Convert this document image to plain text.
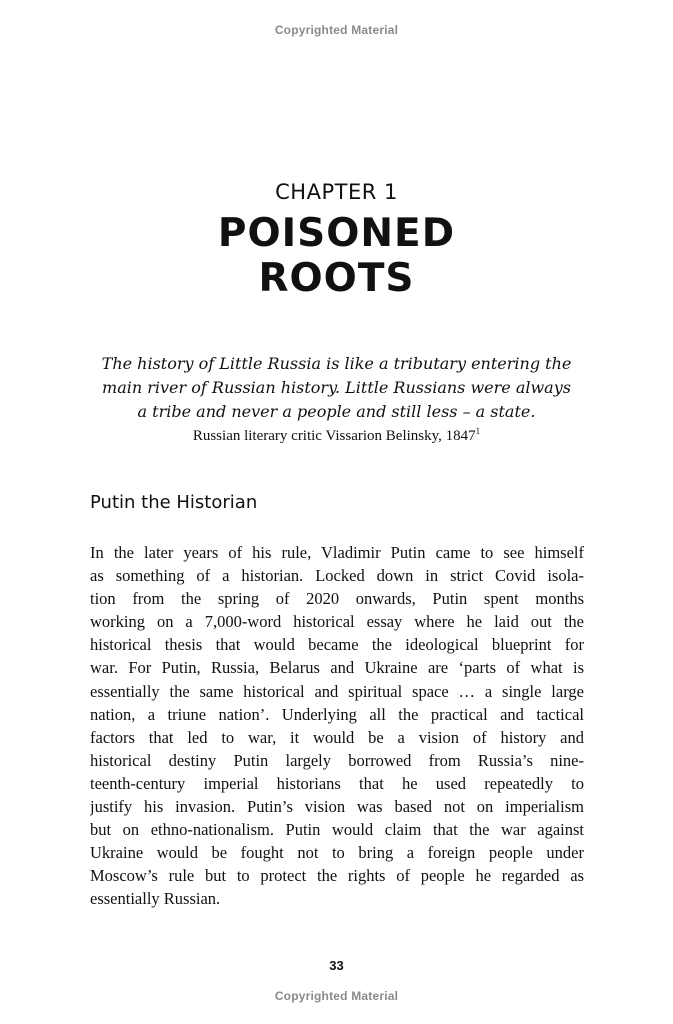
Copyrighted Material
CHAPTER 1
POISONED
ROOTS
The history of Little Russia is like a tributary entering the
main river of Russian history. Little Russians were always
a tribe and never a people and still less – a state.
Russian literary critic Vissarion Belinsky, 1847$^1$
Putin the Historian
In the later years of his rule, Vladimir Putin came to see himself
as something of a historian. Locked down in strict Covid isola-
tion from the spring of 2020 onwards, Putin spent months
working on a 7,000-word historical essay where he laid out the
historical thesis that would became the ideological blueprint for
war. For Putin, Russia, Belarus and Ukraine are ‘parts of what is
essentially the same historical and spiritual space … a single large
nation, a triune nation’. Underlying all the practical and tactical
factors that led to war, it would be a vision of history and
historical destiny Putin largely borrowed from Russia’s nine-
teenth-century imperial historians that he used repeatedly to
justify his invasion. Putin’s vision was based not on imperialism
but on ethno-nationalism. Putin would claim that the war against
Ukraine would be fought not to bring a foreign people under
Moscow’s rule but to protect the rights of people he regarded as
essentially Russian.
33
Copyrighted Material
